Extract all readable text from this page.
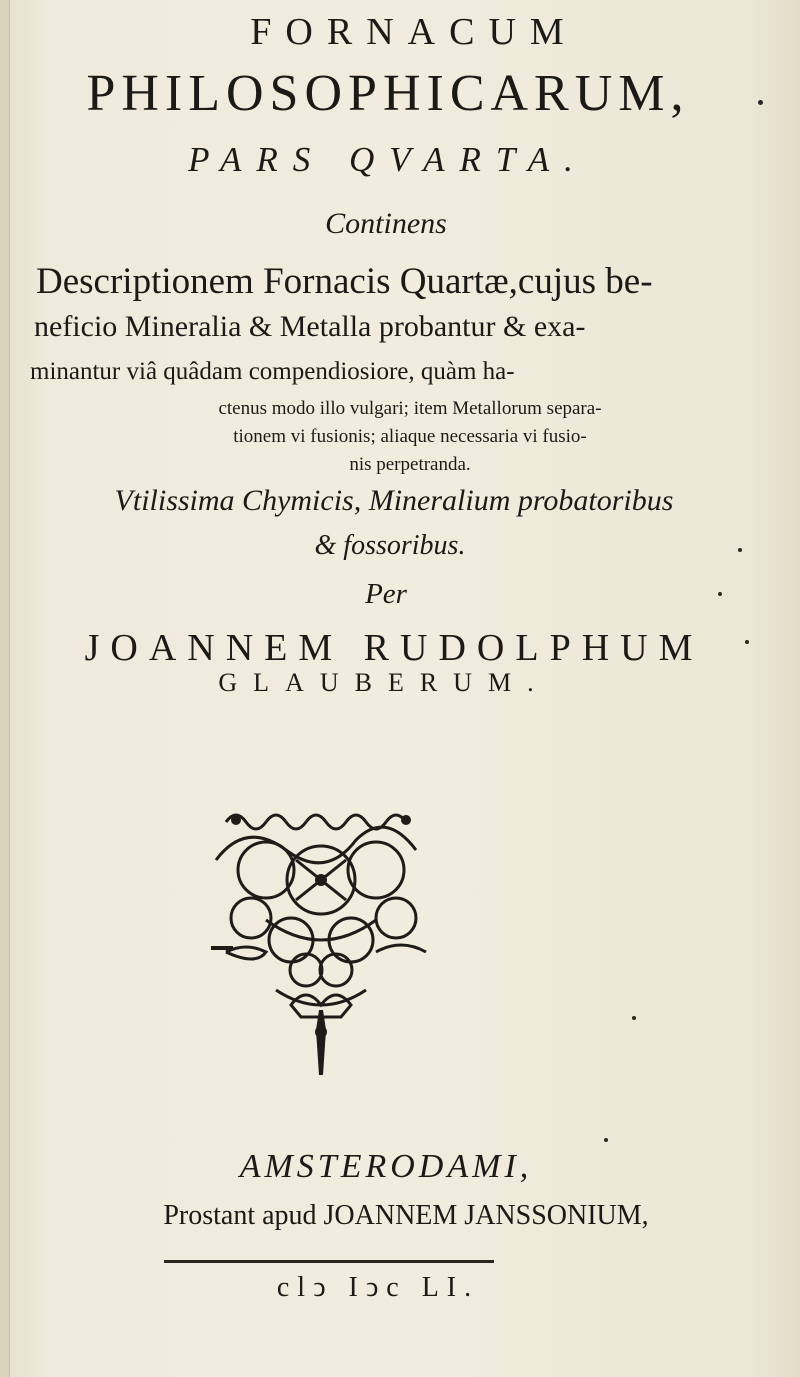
FORNACUM
PHILOSOPHICARUM,
PARS QVARTA.
Continens
Descriptionem Fornacis Quartæ,cujus be-
neficio Mineralia & Metalla probantur & exa-
minantur viâ quâdam compendiosiore, quàm ha-
ctenus modo illo vulgari; item Metallorum separa-
tionem vi fusionis; aliaque necessaria vi fusio-
nis perpetranda.
Vtilissima Chymicis, Mineralium probatoribus
& fossoribus.
Per
JOANNEM RUDOLPHUM
GLAUBERUM.
AMSTERODAMI,
Prostant apud JOANNEM JANSSONIUM,
clↄ Iↄc LI.
